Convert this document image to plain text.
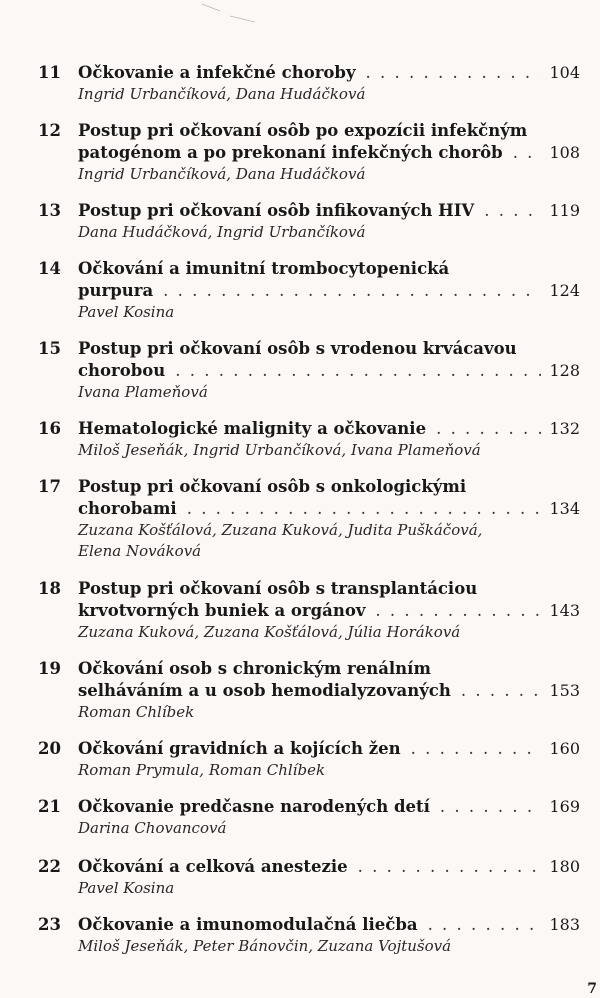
11	Očkovanie a infekčné choroby . . .	104
Ingrid Urbančíková, Dana Hudáčková
12	Postup pri očkovaní osôb po expozícii infekčným
patogénom a po prekonaní infekčných chorôb . . .	108
Ingrid Urbančíková, Dana Hudáčková
13	Postup pri očkovaní osôb infikovaných HIV . . .	119
Dana Hudáčková, Ingrid Urbančíková
14	Očkování a imunitní trombocytopenická
purpura . . .	124
Pavel Kosina
15	Postup pri očkovaní osôb s vrodenou krvácavou
chorobou . . .	128
Ivana Plameňová
16	Hematologické malignity a očkovanie . . .	132
Miloš Jeseňák, Ingrid Urbančíková, Ivana Plameňová
17	Postup pri očkovaní osôb s onkologickými
chorobami . . .	134
Zuzana Košťálová, Zuzana Kuková, Judita Puškáčová,
Elena Nováková
18	Postup pri očkovaní osôb s transplantáciou
krvotvorných buniek a orgánov . . .	143
Zuzana Kuková, Zuzana Košťálová, Júlia Horáková
19	Očkování osob s chronickým renálním
selháváním a u osob hemodialyzovaných . . .	153
Roman Chlíbek
20	Očkování gravidních a kojících žen . . .	160
Roman Prymula, Roman Chlíbek
21	Očkovanie predčasne narodených detí . . .	169
Darina Chovancová
22	Očkování a celková anestezie . . .	180
Pavel Kosina
23	Očkovanie a imunomodulačná liečba . . .	183
Miloš Jeseňák, Peter Bánovčin, Zuzana Vojtušová
7
